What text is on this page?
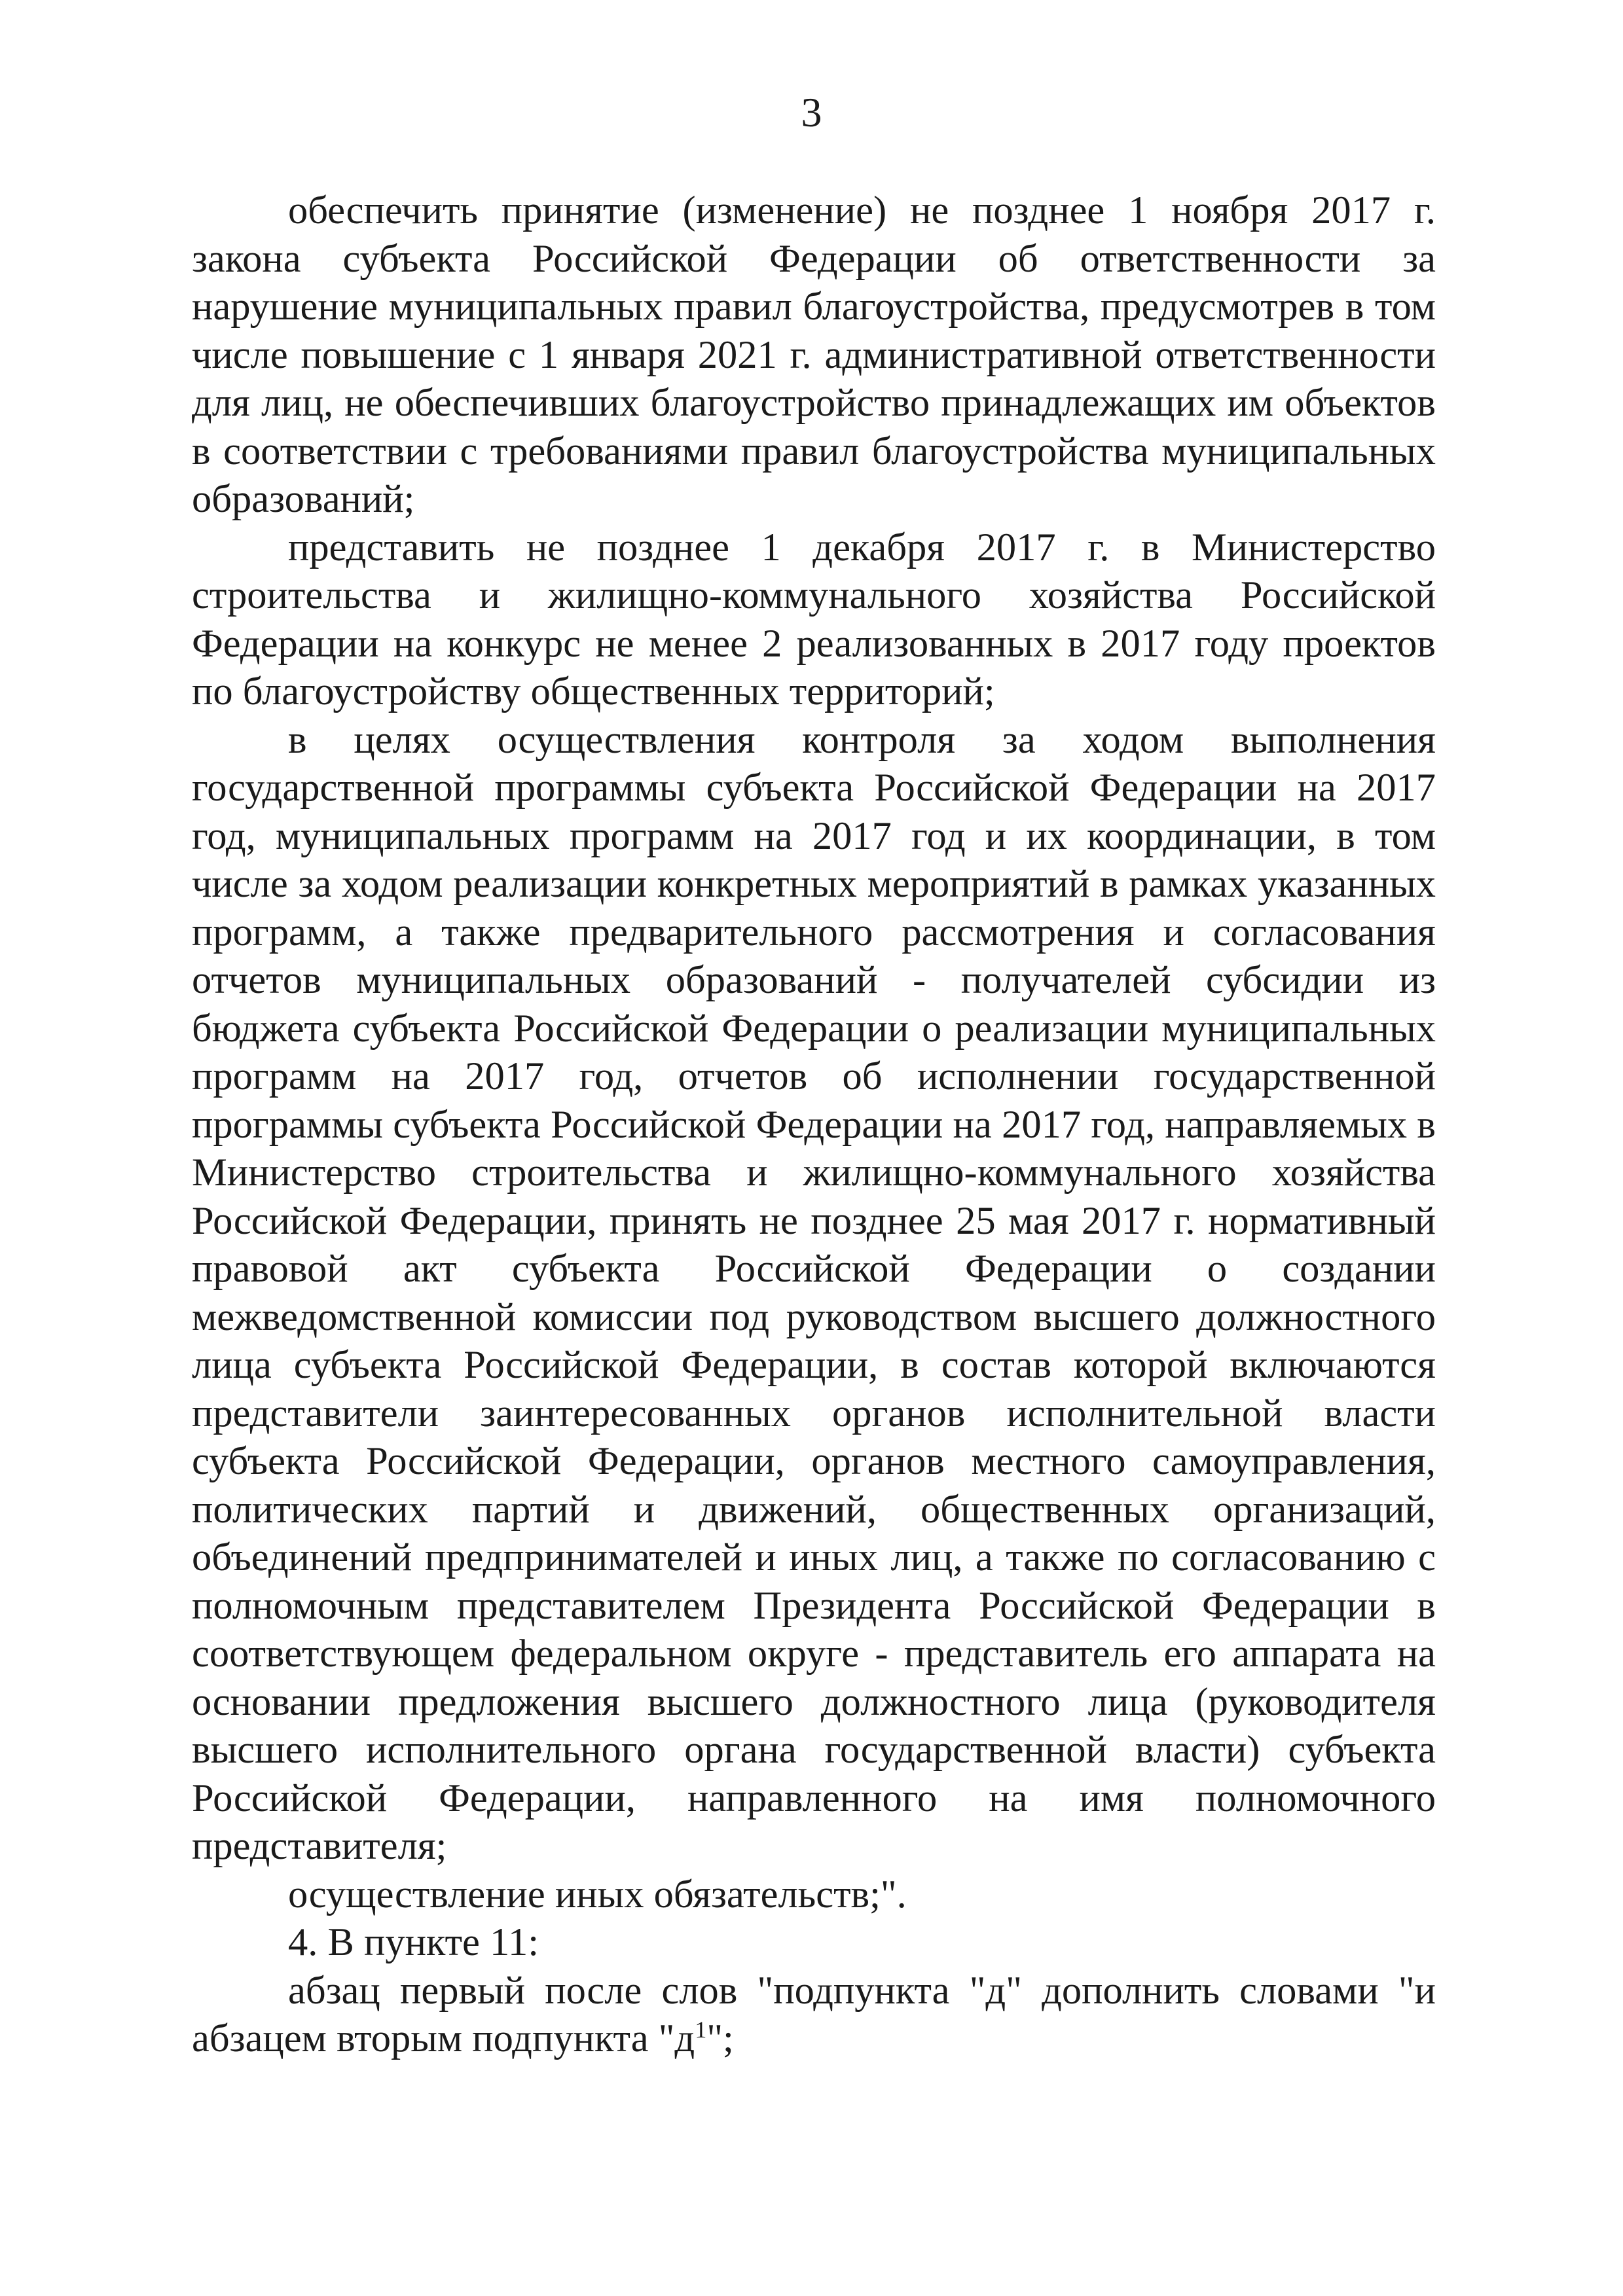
3

обеспечить принятие (изменение) не позднее 1 ноября 2017 г. закона субъекта Российской Федерации об ответственности за нарушение муниципальных правил благоустройства, предусмотрев в том числе повышение с 1 января 2021 г. административной ответственности для лиц, не обеспечивших благоустройство принадлежащих им объектов в соответствии с требованиями правил благоустройства муниципальных образований;

представить не позднее 1 декабря 2017 г. в Министерство строительства и жилищно-коммунального хозяйства Российской Федерации на конкурс не менее 2 реализованных в 2017 году проектов по благоустройству общественных территорий;

в целях осуществления контроля за ходом выполнения государственной программы субъекта Российской Федерации на 2017 год, муниципальных программ на 2017 год и их координации, в том числе за ходом реализации конкретных мероприятий в рамках указанных программ, а также предварительного рассмотрения и согласования отчетов муниципальных образований - получателей субсидии из бюджета субъекта Российской Федерации о реализации муниципальных программ на 2017 год, отчетов об исполнении государственной программы субъекта Российской Федерации на 2017 год, направляемых в Министерство строительства и жилищно-коммунального хозяйства Российской Федерации, принять не позднее 25 мая 2017 г. нормативный правовой акт субъекта Российской Федерации о создании межведомственной комиссии под руководством высшего должностного лица субъекта Российской Федерации, в состав которой включаются представители заинтересованных органов исполнительной власти субъекта Российской Федерации, органов местного самоуправления, политических партий и движений, общественных организаций, объединений предпринимателей и иных лиц, а также по согласованию с полномочным представителем Президента Российской Федерации в соответствующем федеральном округе - представитель его аппарата на основании предложения высшего должностного лица (руководителя высшего исполнительного органа государственной власти) субъекта Российской Федерации, направленного на имя полномочного представителя;

осуществление иных обязательств;".

4. В пункте 11:

абзац первый после слов "подпункта "д" дополнить словами "и абзацем вторым подпункта "$д^1$";
